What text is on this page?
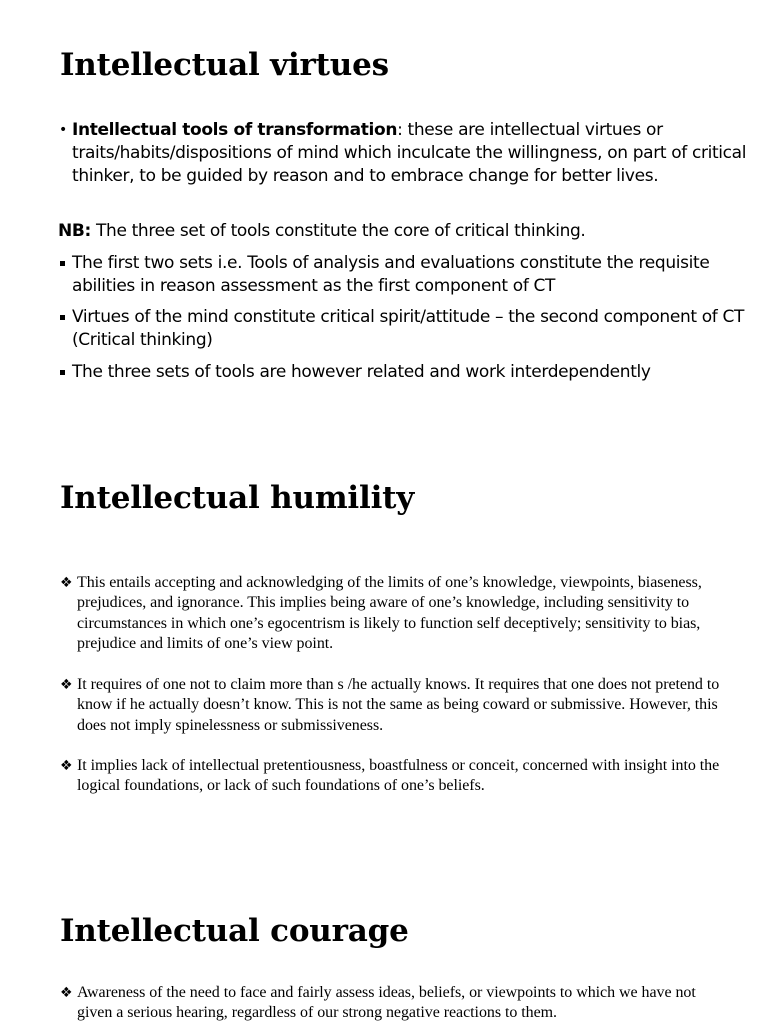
Intellectual virtues
• Intellectual tools of transformation: these are intellectual virtues or traits/habits/dispositions of mind which inculcate the willingness, on part of critical thinker, to be guided by reason and to embrace change for better lives.
NB: The three set of tools constitute the core of critical thinking.
The first two sets i.e. Tools of analysis and evaluations constitute the requisite abilities in reason assessment as the first component of CT
Virtues of the mind constitute critical spirit/attitude – the second component of CT (Critical thinking)
The three sets of tools are however related and work interdependently
Intellectual humility
❖ This entails accepting and acknowledging of the limits of one’s knowledge, viewpoints, biaseness, prejudices, and ignorance. This implies being aware of one’s knowledge, including sensitivity to circumstances in which one’s egocentrism is likely to function self deceptively; sensitivity to bias, prejudice and limits of one’s view point.
❖ It requires of one not to claim more than s /he actually knows. It requires that one does not pretend to know if he actually doesn’t know. This is not the same as being coward or submissive. However, this does not imply spinelessness or submissiveness.
❖ It implies lack of intellectual pretentiousness, boastfulness or conceit, concerned with insight into the logical foundations, or lack of such foundations of one’s beliefs.
Intellectual courage
❖ Awareness of the need to face and fairly assess ideas, beliefs, or viewpoints to which we have not given a serious hearing, regardless of our strong negative reactions to them.
